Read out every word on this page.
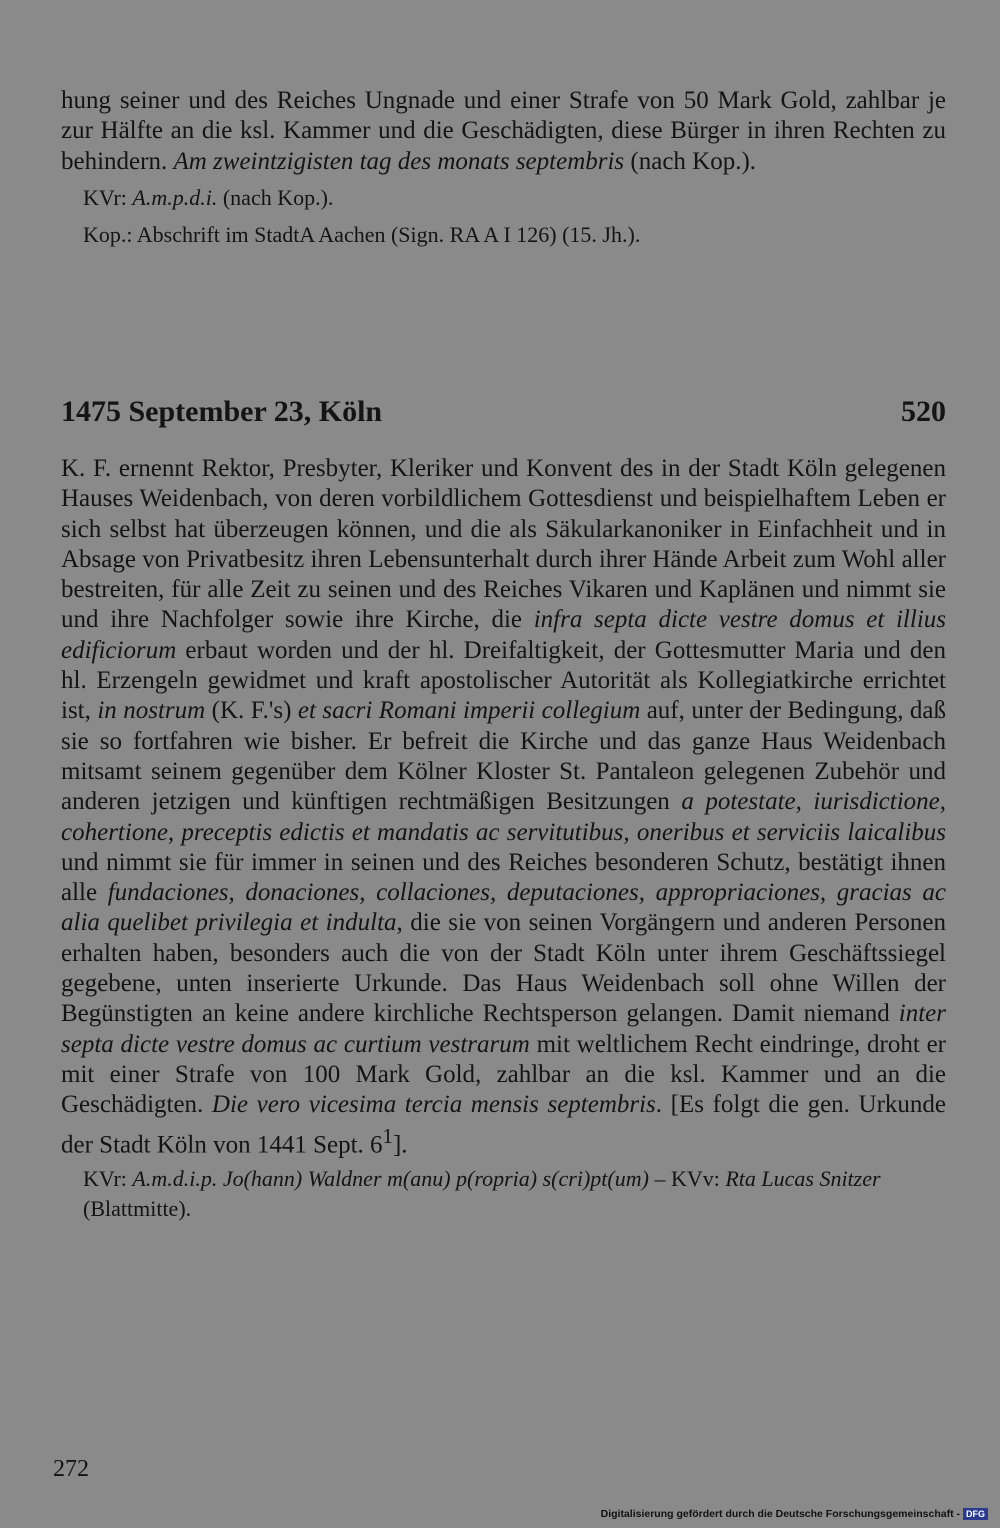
hung seiner und des Reiches Ungnade und einer Strafe von 50 Mark Gold, zahlbar je zur Hälfte an die ksl. Kammer und die Geschädigten, diese Bürger in ihren Rechten zu behindern. Am zweintzigisten tag des monats septembris (nach Kop.).

KVr: A.m.p.d.i. (nach Kop.).

Kop.: Abschrift im StadtA Aachen (Sign. RA A I 126) (15. Jh.).

1475 September 23, Köln	520

K. F. ernennt Rektor, Presbyter, Kleriker und Konvent des in der Stadt Köln gelegenen Hauses Weidenbach, von deren vorbildlichem Gottesdienst und beispielhaftem Leben er sich selbst hat überzeugen können, und die als Säkularkanoniker in Einfachheit und in Absage von Privatbesitz ihren Lebensunterhalt durch ihrer Hände Arbeit zum Wohl aller bestreiten, für alle Zeit zu seinen und des Reiches Vikaren und Kaplänen und nimmt sie und ihre Nachfolger sowie ihre Kirche, die infra septa dicte vestre domus et illius edificiorum erbaut worden und der hl. Dreifaltigkeit, der Gottesmutter Maria und den hl. Erzengeln gewidmet und kraft apostolischer Autorität als Kollegiatkirche errichtet ist, in nostrum (K. F.'s) et sacri Romani imperii collegium auf, unter der Bedingung, daß sie so fortfahren wie bisher. Er befreit die Kirche und das ganze Haus Weidenbach mitsamt seinem gegenüber dem Kölner Kloster St. Pantaleon gelegenen Zubehör und anderen jetzigen und künftigen rechtmäßigen Besitzungen a potestate, iurisdictione, cohertione, preceptis edictis et mandatis ac servitutibus, oneribus et serviciis laicalibus und nimmt sie für immer in seinen und des Reiches besonderen Schutz, bestätigt ihnen alle fundaciones, donaciones, collaciones, deputaciones, appropriaciones, gracias ac alia quelibet privilegia et indulta, die sie von seinen Vorgängern und anderen Personen erhalten haben, besonders auch die von der Stadt Köln unter ihrem Geschäftssiegel gegebene, unten inserierte Urkunde. Das Haus Weidenbach soll ohne Willen der Begünstigten an keine andere kirchliche Rechtsperson gelangen. Damit niemand inter septa dicte vestre domus ac curtium vestrarum mit weltlichem Recht eindringe, droht er mit einer Strafe von 100 Mark Gold, zahlbar an die ksl. Kammer und an die Geschädigten. Die vero vicesima tercia mensis septembris. [Es folgt die gen. Urkunde der Stadt Köln von 1441 Sept. $6^1$].

KVr: A.m.d.i.p. Jo(hann) Waldner m(anu) p(ropria) s(cri)pt(um) – KVv: Rta Lucas Snitzer (Blattmitte).

272
Digitalisierung gefördert durch die Deutsche Forschungsgemeinschaft - DFG
